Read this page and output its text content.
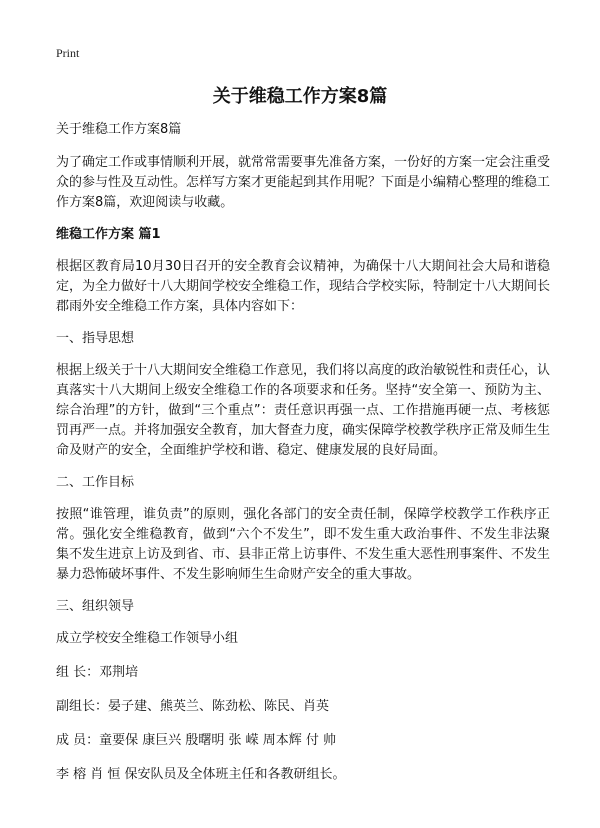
Print
关于维稳工作方案8篇

关于维稳工作方案8篇

为了确定工作或事情顺利开展，就常常需要事先准备方案，一份好的方案一定会注重受众的参与性及互动性。怎样写方案才更能起到其作用呢？下面是小编精心整理的维稳工作方案8篇，欢迎阅读与收藏。

维稳工作方案 篇1

根据区教育局10月30日召开的安全教育会议精神，为确保十八大期间社会大局和谐稳定，为全力做好十八大期间学校安全维稳工作，现结合学校实际，特制定十八大期间长郡雨外安全维稳工作方案，具体内容如下：

一、指导思想

根据上级关于十八大期间安全维稳工作意见，我们将以高度的政治敏锐性和责任心，认真落实十八大期间上级安全维稳工作的各项要求和任务。坚持“安全第一、预防为主、综合治理”的方针，做到“三个重点”：责任意识再强一点、工作措施再硬一点、考核惩罚再严一点。并将加强安全教育，加大督查力度，确实保障学校教学秩序正常及师生生命及财产的安全，全面维护学校和谐、稳定、健康发展的良好局面。

二、工作目标

按照“谁管理，谁负责”的原则，强化各部门的安全责任制，保障学校教学工作秩序正常。强化安全维稳教育，做到“六个不发生”，即不发生重大政治事件、不发生非法聚集不发生进京上访及到省、市、县非正常上访事件、不发生重大恶性刑事案件、不发生暴力恐怖破坏事件、不发生影响师生生命财产安全的重大事故。

三、组织领导

成立学校安全维稳工作领导小组

组 长：邓荆培

副组长：晏子建、熊英兰、陈劲松、陈民、肖英

成 员：童要保 康巨兴 殷曙明 张 嵘 周本辉 付 帅

李 榕 肖 恒 保安队员及全体班主任和各教研组长。
